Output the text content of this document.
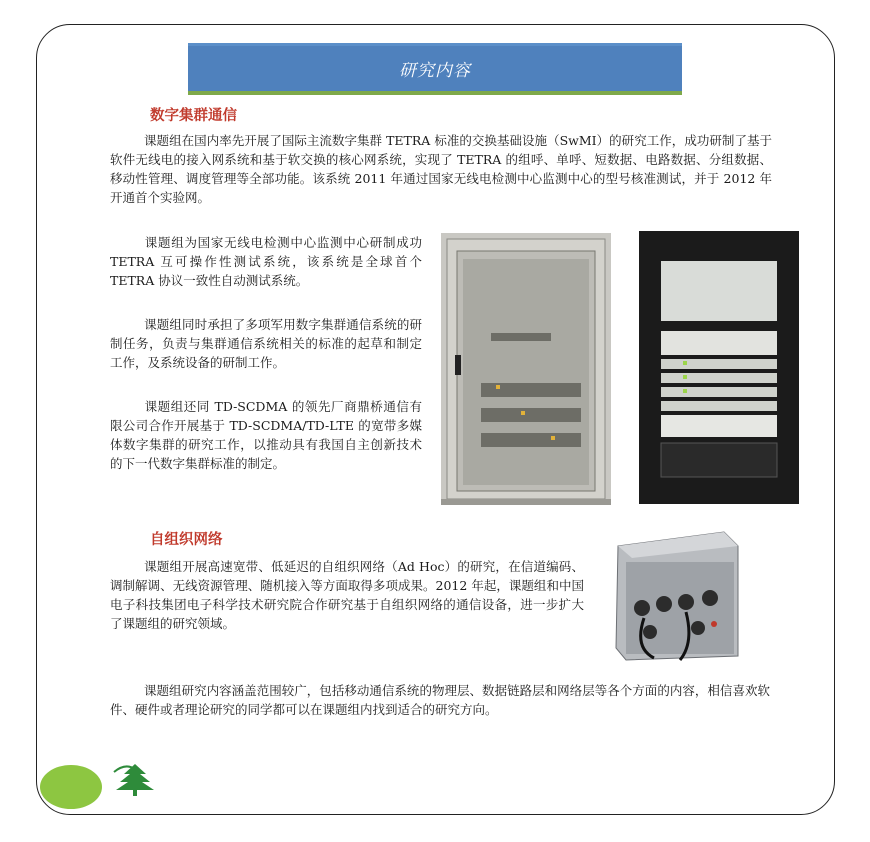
研究内容
数字集群通信

课题组在国内率先开展了国际主流数字集群 TETRA 标准的交换基础设施（SwMI）的研究工作，成功研制了基于软件无线电的接入网系统和基于软交换的核心网系统，实现了 TETRA 的组呼、单呼、短数据、电路数据、分组数据、移动性管理、调度管理等全部功能。该系统 2011 年通过国家无线电检测中心监测中心的型号核准测试，并于 2012 年开通首个实验网。

课题组为国家无线电检测中心监测中心研制成功 TETRA 互可操作性测试系统，该系统是全球首个 TETRA 协议一致性自动测试系统。

课题组同时承担了多项军用数字集群通信系统的研制任务，负责与集群通信系统相关的标准的起草和制定工作，及系统设备的研制工作。

课题组还同 TD-SCDMA 的领先厂商鼎桥通信有限公司合作开展基于 TD-SCDMA/TD-LTE 的宽带多媒体数字集群的研究工作，以推动具有我国自主创新技术的下一代数字集群标准的制定。

自组织网络

课题组开展高速宽带、低延迟的自组织网络（Ad Hoc）的研究，在信道编码、调制解调、无线资源管理、随机接入等方面取得多项成果。2012 年起，课题组和中国电子科技集团电子科学技术研究院合作研究基于自组织网络的通信设备，进一步扩大了课题组的研究领域。

课题组研究内容涵盖范围较广，包括移动通信系统的物理层、数据链路层和网络层等各个方面的内容，相信喜欢软件、硬件或者理论研究的同学都可以在课题组内找到适合的研究方向。
